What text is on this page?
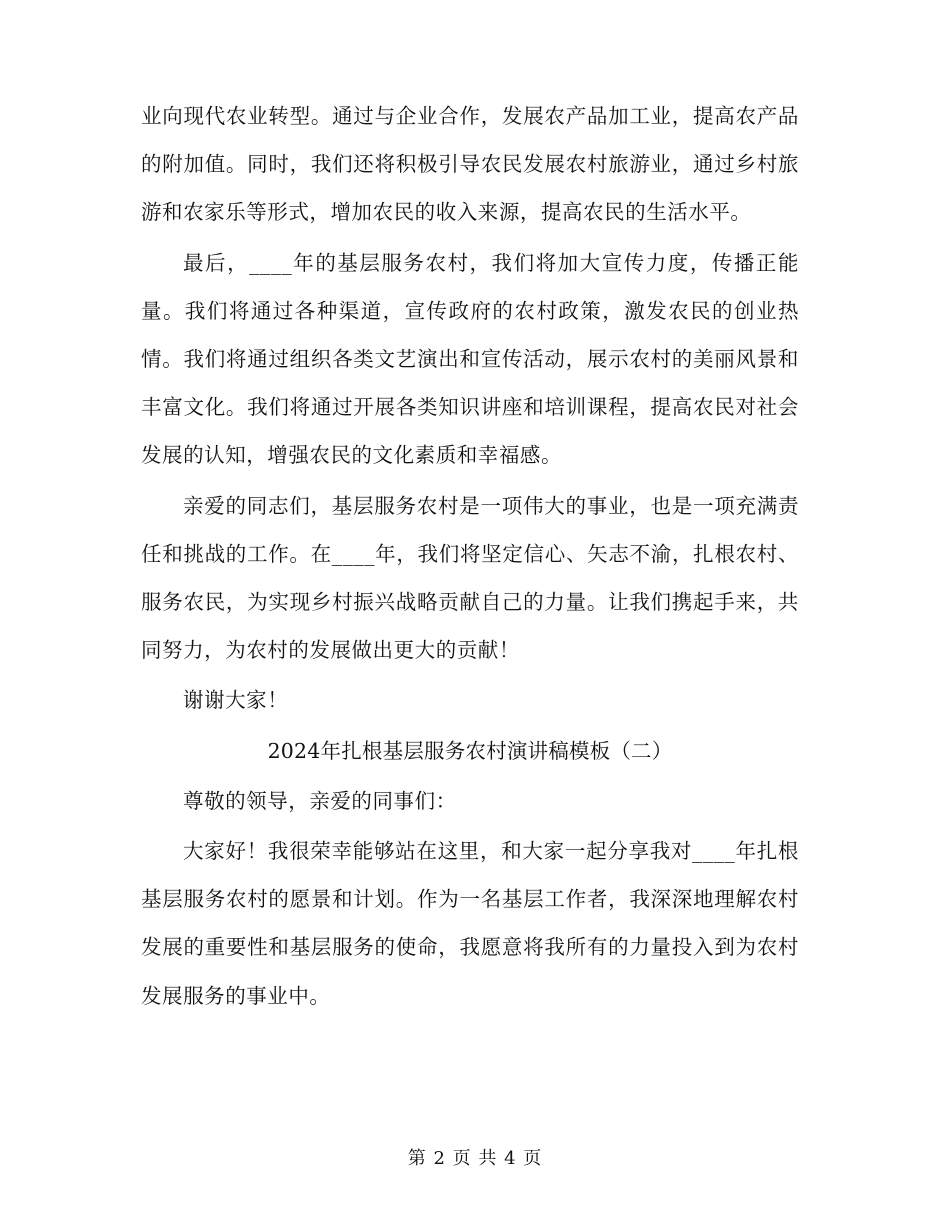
业向现代农业转型。通过与企业合作，发展农产品加工业，提高农产品的附加值。同时，我们还将积极引导农民发展农村旅游业，通过乡村旅游和农家乐等形式，增加农民的收入来源，提高农民的生活水平。

最后，____年的基层服务农村，我们将加大宣传力度，传播正能量。我们将通过各种渠道，宣传政府的农村政策，激发农民的创业热情。我们将通过组织各类文艺演出和宣传活动，展示农村的美丽风景和丰富文化。我们将通过开展各类知识讲座和培训课程，提高农民对社会发展的认知，增强农民的文化素质和幸福感。

亲爱的同志们，基层服务农村是一项伟大的事业，也是一项充满责任和挑战的工作。在____年，我们将坚定信心、矢志不渝，扎根农村、服务农民，为实现乡村振兴战略贡献自己的力量。让我们携起手来，共同努力，为农村的发展做出更大的贡献！

谢谢大家！

2024年扎根基层服务农村演讲稿模板（二）

尊敬的领导，亲爱的同事们：

大家好！我很荣幸能够站在这里，和大家一起分享我对____年扎根基层服务农村的愿景和计划。作为一名基层工作者，我深深地理解农村发展的重要性和基层服务的使命，我愿意将我所有的力量投入到为农村发展服务的事业中。

第 2 页 共 4 页
